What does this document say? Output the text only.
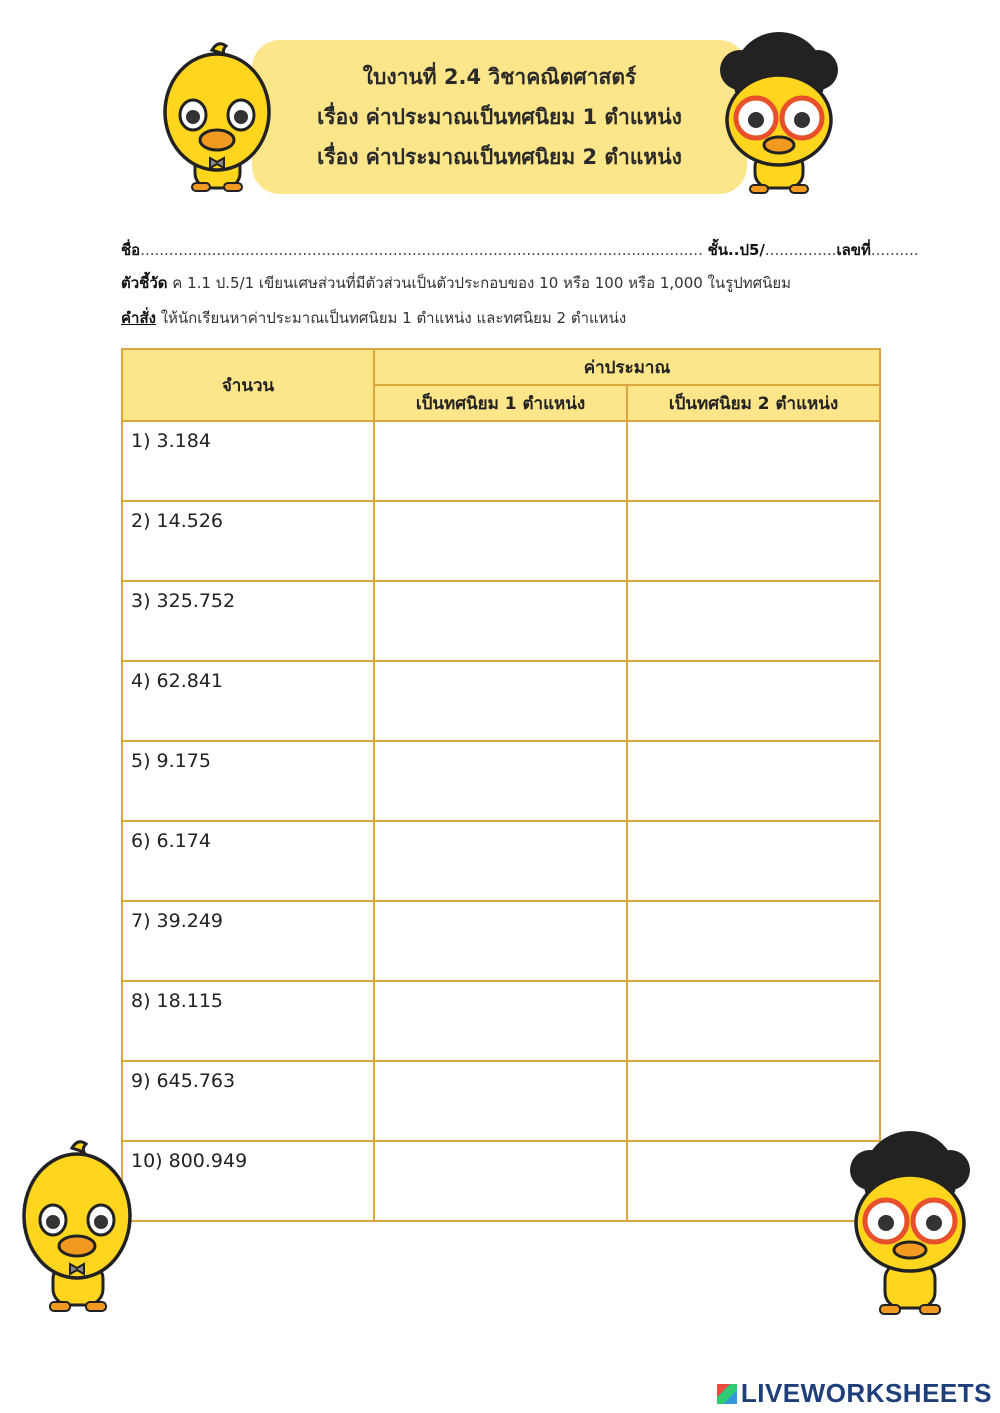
ใบงานที่ 2.4 วิชาคณิตศาสตร์
เรื่อง ค่าประมาณเป็นทศนิยม 1 ตำแหน่ง
เรื่อง ค่าประมาณเป็นทศนิยม 2 ตำแหน่ง
ชื่อ...................................................................................................................... ชั้น..ป5/...............เลขที่..........
ตัวชี้วัด ค 1.1 ป.5/1 เขียนเศษส่วนที่มีตัวส่วนเป็นตัวประกอบของ 10 หรือ 100 หรือ 1,000 ในรูปทศนิยม
คำสั่ง ให้นักเรียนหาค่าประมาณเป็นทศนิยม 1 ตำแหน่ง และทศนิยม 2 ตำแหน่ง
จำนวน	ค่าประมาณ	
	เป็นทศนิยม 1 ตำแหน่ง	เป็นทศนิยม 2 ตำแหน่ง
1) 3.184		
2) 14.526		
3) 325.752		
4) 62.841		
5) 9.175		
6) 6.174		
7) 39.249		
8) 18.115		
9) 645.763		
10) 800.949		
LIVEWORKSHEETS
